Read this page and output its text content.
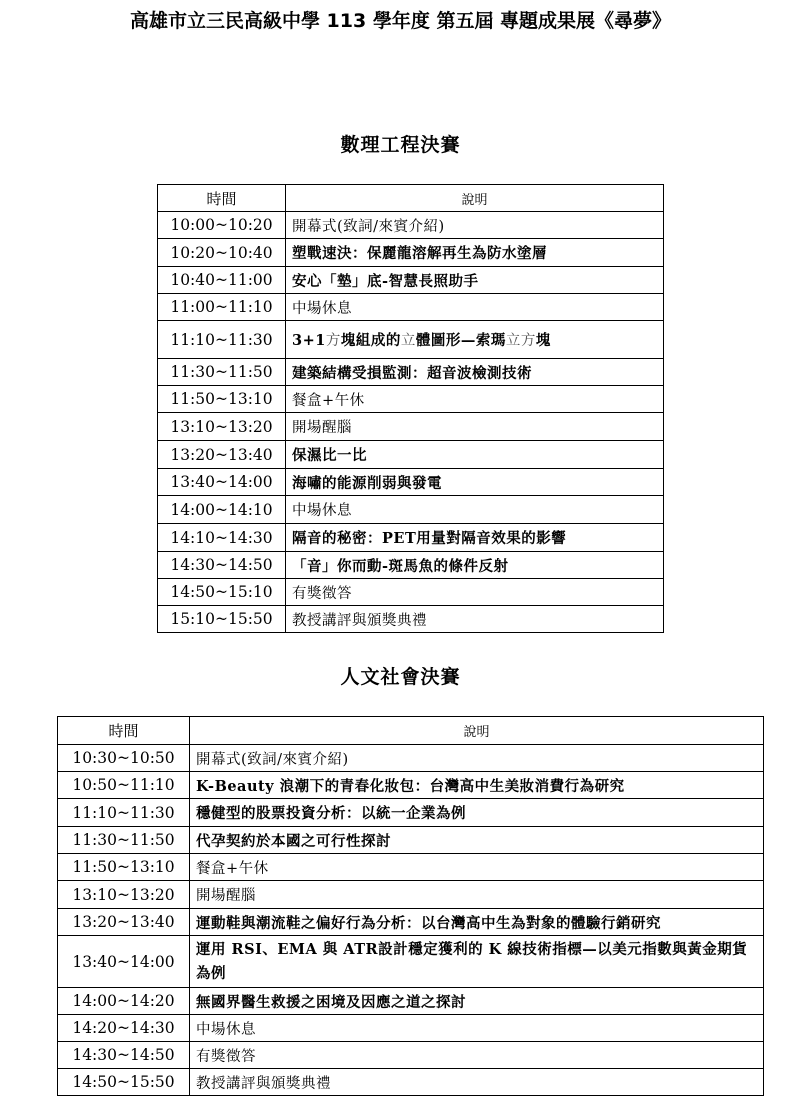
高雄市立三民高級中學 113 學年度 第五屆 專題成果展《尋夢》
數理工程決賽
時間	說明
10:00~10:20	開幕式(致詞/來賓介紹)
10:20~10:40	塑戰速決：保麗龍溶解再生為防水塗層
10:40~11:00	安心「墊」底-智慧長照助手
11:00~11:10	中場休息
11:10~11:30	3+1方塊組成的立體圖形—索瑪立方塊
11:30~11:50	建築結構受損監測：超音波檢測技術
11:50~13:10	餐盒+午休
13:10~13:20	開場醒腦
13:20~13:40	保濕比一比
13:40~14:00	海嘯的能源削弱與發電
14:00~14:10	中場休息
14:10~14:30	隔音的秘密：PET用量對隔音效果的影響
14:30~14:50	「音」你而動-斑馬魚的條件反射
14:50~15:10	有獎徵答
15:10~15:50	教授講評與頒獎典禮
人文社會決賽
時間	說明
10:30~10:50	開幕式(致詞/來賓介紹)
10:50~11:10	K-Beauty 浪潮下的青春化妝包：台灣高中生美妝消費行為研究
11:10~11:30	穩健型的股票投資分析：以統一企業為例
11:30~11:50	代孕契約於本國之可行性探討
11:50~13:10	餐盒+午休
13:10~13:20	開場醒腦
13:20~13:40	運動鞋與潮流鞋之偏好行為分析：以台灣高中生為對象的體驗行銷研究
13:40~14:00	運用 RSI、EMA 與 ATR設計穩定獲利的 K 線技術指標—以美元指數與黃金期貨為例
14:00~14:20	無國界醫生救援之困境及因應之道之探討
14:20~14:30	中場休息
14:30~14:50	有獎徵答
14:50~15:50	教授講評與頒獎典禮
